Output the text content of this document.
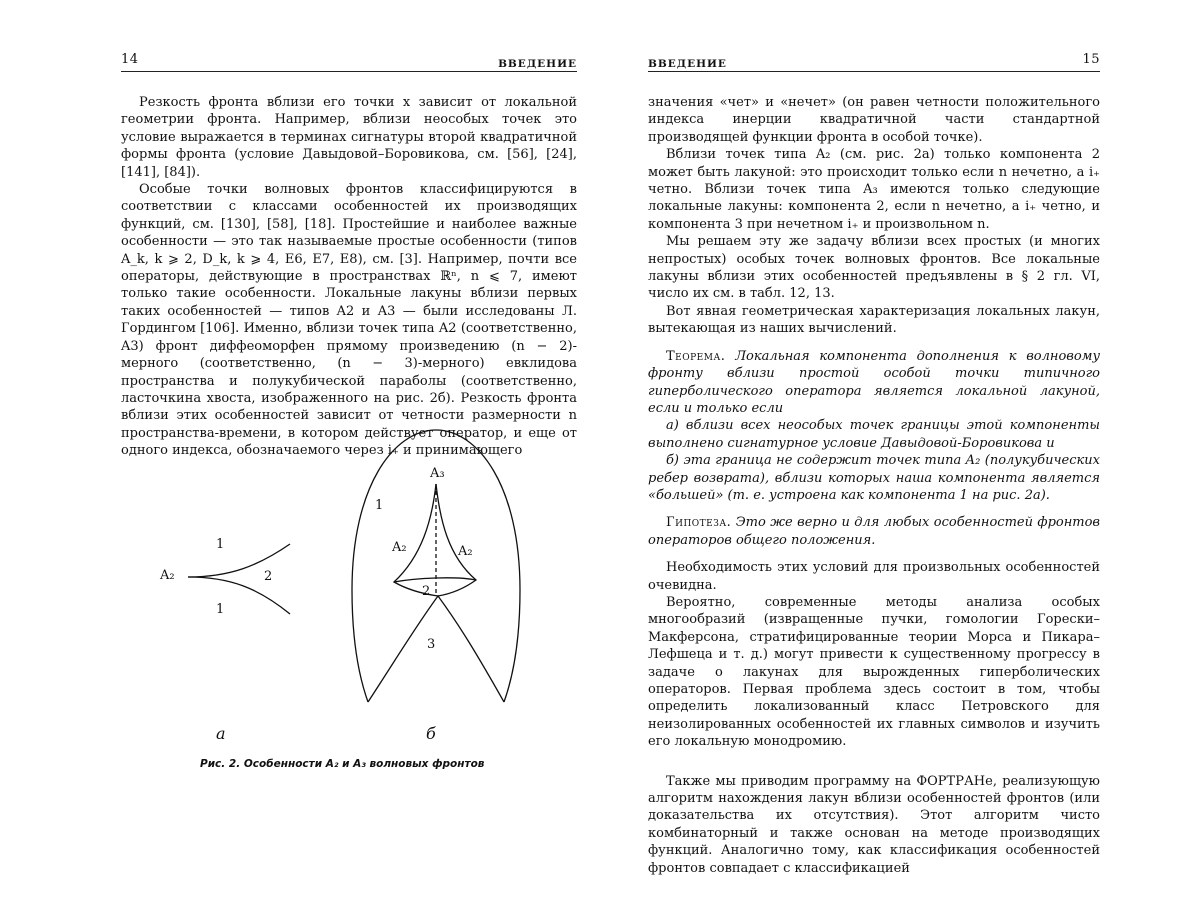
14	ВВЕДЕНИЕ

Резкость фронта вблизи его точки x зависит от локальной геометрии фронта. Например, вблизи неособых точек это условие выражается в терминах сигнатуры второй квадратичной формы фронта (условие Давыдовой–Боровикова, см. [56], [24], [141], [84]).

Особые точки волновых фронтов классифицируются в соответствии с классами особенностей их производящих функций, см. [130], [58], [18]. Простейшие и наиболее важные особенности — это так называемые простые особенности (типов A_k, k ⩾ 2, D_k, k ⩾ 4, E6, E7, E8), см. [3]. Например, почти все операторы, действующие в пространствах ℝⁿ, n ⩽ 7, имеют только такие особенности. Локальные лакуны вблизи первых таких особенностей — типов A2 и A3 — были исследованы Л. Гордингом [106]. Именно, вблизи точек типа A2 (соответственно, A3) фронт диффеоморфен прямому произведению (n − 2)-мерного (соответственно, (n − 3)-мерного) евклидова пространства и полукубической параболы (соответственно, ласточкина хвоста, изображенного на рис. 2б). Резкость фронта вблизи этих особенностей зависит от четности размерности n пространства-времени, в котором действует оператор, и еще от одного индекса, обозначаемого через i₊ и принимающего

A₂
1
1
2
а
A₃
1
A₂	A₂
2
3
б
Рис. 2. Особенности A₂ и A₃ волновых фронтов
ВВЕДЕНИЕ	15

значения «чет» и «нечет» (он равен четности положительного индекса инерции квадратичной части стандартной производящей функции фронта в особой точке).

Вблизи точек типа A₂ (см. рис. 2а) только компонента 2 может быть лакуной: это происходит только если n нечетно, а i₊ четно. Вблизи точек типа A₃ имеются только следующие локальные лакуны: компонента 2, если n нечетно, а i₊ четно, и компонента 3 при нечетном i₊ и произвольном n.

Мы решаем эту же задачу вблизи всех простых (и многих непростых) особых точек волновых фронтов. Все локальные лакуны вблизи этих особенностей предъявлены в § 2 гл. VI, число их см. в табл. 12, 13.

Вот явная геометрическая характеризация локальных лакун, вытекающая из наших вычислений.

Теорема. Локальная компонента дополнения к волновому фронту вблизи простой особой точки типичного гиперболического оператора является локальной лакуной, если и только если

а) вблизи всех неособых точек границы этой компоненты выполнено сигнатурное условие Давыдовой-Боровикова и

б) эта граница не содержит точек типа A₂ (полукубических ребер возврата), вблизи которых наша компонента является «большей» (т. е. устроена как компонента 1 на рис. 2а).

Гипотеза. Это же верно и для любых особенностей фронтов операторов общего положения.

Необходимость этих условий для произвольных особенностей очевидна.

Вероятно, современные методы анализа особых многообразий (извращенные пучки, гомологии Горески–Макферсона, стратифицированные теории Морса и Пикара–Лефшеца и т. д.) могут привести к существенному прогрессу в задаче о лакунах для вырожденных гиперболических операторов. Первая проблема здесь состоит в том, чтобы определить локализованный класс Петровского для неизолированных особенностей их главных символов и изучить его локальную монодромию.

Также мы приводим программу на ФОРТРАНе, реализующую алгоритм нахождения лакун вблизи особенностей фронтов (или доказательства их отсутствия). Этот алгоритм чисто комбинаторный и также основан на методе производящих функций. Аналогично тому, как классификация особенностей фронтов совпадает с классификацией
